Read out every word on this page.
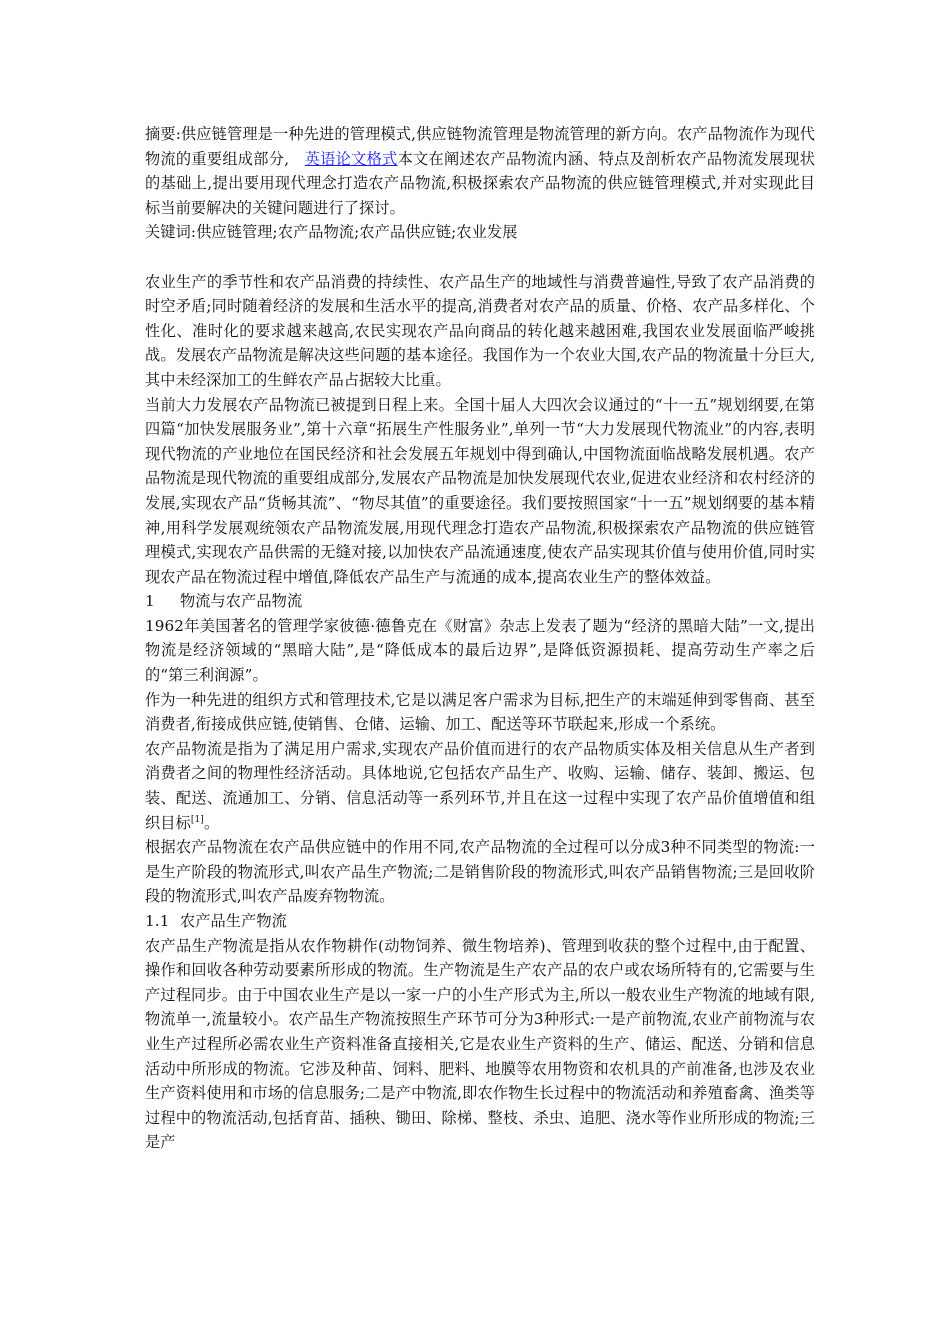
摘要:供应链管理是一种先进的管理模式,供应链物流管理是物流管理的新方向。农产品物流作为现代物流的重要组成部分,　英语论文格式本文在阐述农产品物流内涵、特点及剖析农产品物流发展现状的基础上,提出要用现代理念打造农产品物流,积极探索农产品物流的供应链管理模式,并对实现此目标当前要解决的关键问题进行了探讨。

关键词:供应链管理;农产品物流;农产品供应链;农业发展

农业生产的季节性和农产品消费的持续性、农产品生产的地域性与消费普遍性,导致了农产品消费的时空矛盾;同时随着经济的发展和生活水平的提高,消费者对农产品的质量、价格、农产品多样化、个性化、准时化的要求越来越高,农民实现农产品向商品的转化越来越困难,我国农业发展面临严峻挑战。发展农产品物流是解决这些问题的基本途径。我国作为一个农业大国,农产品的物流量十分巨大,其中未经深加工的生鲜农产品占据较大比重。

当前大力发展农产品物流已被提到日程上来。全国十届人大四次会议通过的“十一五”规划纲要,在第四篇“加快发展服务业”,第十六章“拓展生产性服务业”,单列一节“大力发展现代物流业”的内容,表明现代物流的产业地位在国民经济和社会发展五年规划中得到确认,中国物流面临战略发展机遇。农产品物流是现代物流的重要组成部分,发展农产品物流是加快发展现代农业,促进农业经济和农村经济的发展,实现农产品“货畅其流”、“物尽其值”的重要途径。我们要按照国家“十一五”规划纲要的基本精神,用科学发展观统领农产品物流发展,用现代理念打造农产品物流,积极探索农产品物流的供应链管理模式,实现农产品供需的无缝对接,以加快农产品流通速度,使农产品实现其价值与使用价值,同时实现农产品在物流过程中增值,降低农产品生产与流通的成本,提高农业生产的整体效益。

1 物流与农产品物流

1962年美国著名的管理学家彼德·德鲁克在《财富》杂志上发表了题为“经济的黑暗大陆”一文,提出物流是经济领域的“黑暗大陆”,是“降低成本的最后边界”,是降低资源损耗、提高劳动生产率之后的“第三利润源”。

作为一种先进的组织方式和管理技术,它是以满足客户需求为目标,把生产的末端延伸到零售商、甚至消费者,衔接成供应链,使销售、仓储、运输、加工、配送等环节联起来,形成一个系统。

农产品物流是指为了满足用户需求,实现农产品价值而进行的农产品物质实体及相关信息从生产者到消费者之间的物理性经济活动。具体地说,它包括农产品生产、收购、运输、储存、装卸、搬运、包装、配送、流通加工、分销、信息活动等一系列环节,并且在这一过程中实现了农产品价值增值和组织目标[1]。

根据农产品物流在农产品供应链中的作用不同,农产品物流的全过程可以分成3种不同类型的物流:一是生产阶段的物流形式,叫农产品生产物流;二是销售阶段的物流形式,叫农产品销售物流;三是回收阶段的物流形式,叫农产品废弃物物流。

1.1 农产品生产物流

农产品生产物流是指从农作物耕作(动物饲养、微生物培养)、管理到收获的整个过程中,由于配置、操作和回收各种劳动要素所形成的物流。生产物流是生产农产品的农户或农场所特有的,它需要与生产过程同步。由于中国农业生产是以一家一户的小生产形式为主,所以一般农业生产物流的地域有限,物流单一,流量较小。农产品生产物流按照生产环节可分为3种形式:一是产前物流,农业产前物流与农业生产过程所必需农业生产资料准备直接相关,它是农业生产资料的生产、储运、配送、分销和信息活动中所形成的物流。它涉及种苗、饲料、肥料、地膜等农用物资和农机具的产前准备,也涉及农业生产资料使用和市场的信息服务;二是产中物流,即农作物生长过程中的物流活动和养殖畜禽、渔类等过程中的物流活动,包括育苗、插秧、锄田、除梯、整枝、杀虫、追肥、浇水等作业所形成的物流;三是产
